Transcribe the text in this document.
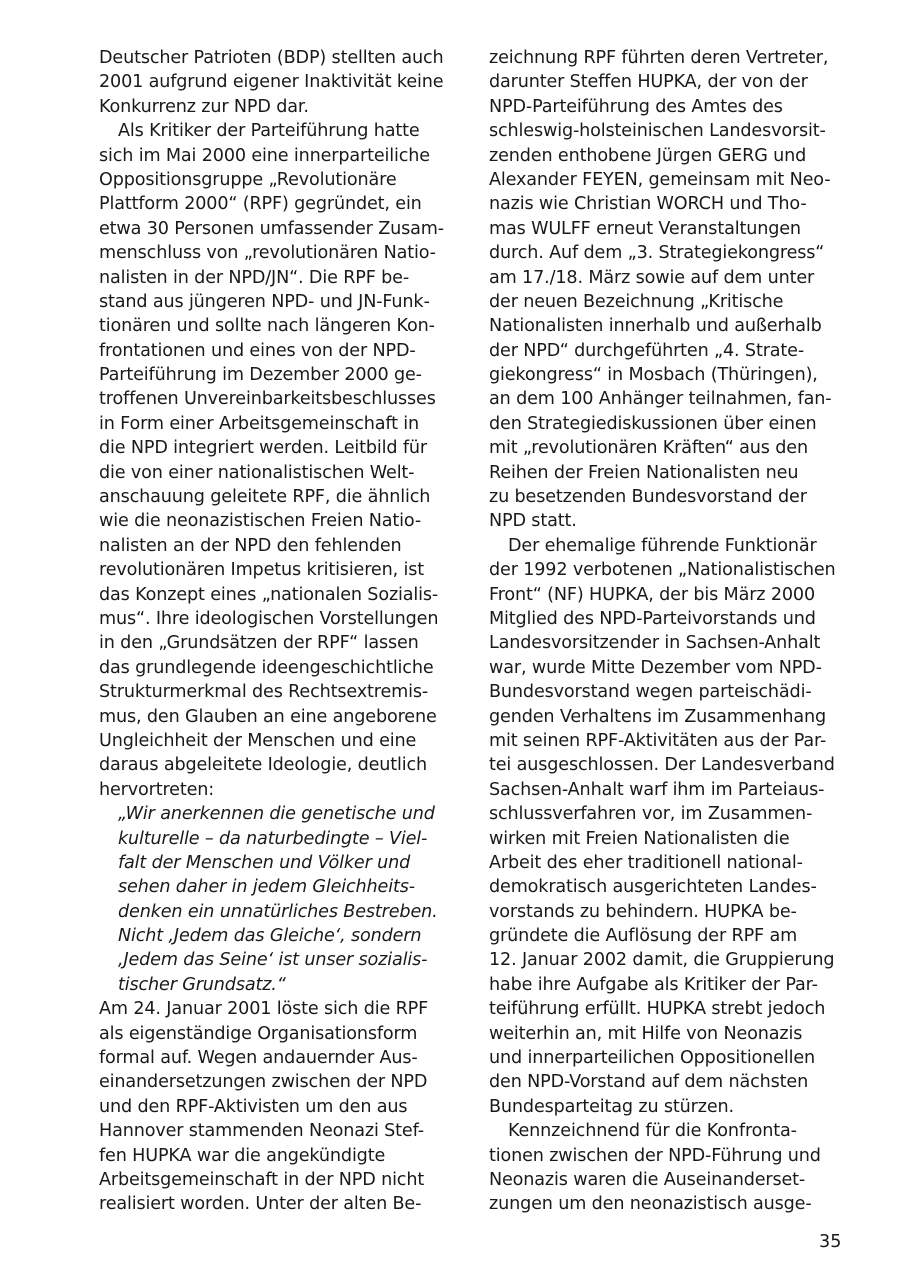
Deutscher Patrioten (BDP) stellten auch
2001 aufgrund eigener Inaktivität keine
Konkurrenz zur NPD dar.
Als Kritiker der Parteiführung hatte
sich im Mai 2000 eine innerparteiliche
Oppositionsgruppe „Revolutionäre
Plattform 2000“ (RPF) gegründet, ein
etwa 30 Personen umfassender Zusam-
menschluss von „revolutionären Natio-
nalisten in der NPD/JN“. Die RPF be-
stand aus jüngeren NPD- und JN-Funk-
tionären und sollte nach längeren Kon-
frontationen und eines von der NPD-
Parteiführung im Dezember 2000 ge-
troffenen Unvereinbarkeitsbeschlusses
in Form einer Arbeitsgemeinschaft in
die NPD integriert werden. Leitbild für
die von einer nationalistischen Welt-
anschauung geleitete RPF, die ähnlich
wie die neonazistischen Freien Natio-
nalisten an der NPD den fehlenden
revolutionären Impetus kritisieren, ist
das Konzept eines „nationalen Sozialis-
mus“. Ihre ideologischen Vorstellungen
in den „Grundsätzen der RPF“ lassen
das grundlegende ideengeschichtliche
Strukturmerkmal des Rechtsextremis-
mus, den Glauben an eine angeborene
Ungleichheit der Menschen und eine
daraus abgeleitete Ideologie, deutlich
hervortreten:
„Wir anerkennen die genetische und
kulturelle – da naturbedingte – Viel-
falt der Menschen und Völker und
sehen daher in jedem Gleichheits-
denken ein unnatürliches Bestreben.
Nicht ‚Jedem das Gleiche‘, sondern
‚Jedem das Seine‘ ist unser sozialis-
tischer Grundsatz.“
Am 24. Januar 2001 löste sich die RPF
als eigenständige Organisationsform
formal auf. Wegen andauernder Aus-
einandersetzungen zwischen der NPD
und den RPF-Aktivisten um den aus
Hannover stammenden Neonazi Stef-
fen HUPKA war die angekündigte
Arbeitsgemeinschaft in der NPD nicht
realisiert worden. Unter der alten Be-
zeichnung RPF führten deren Vertreter,
darunter Steffen HUPKA, der von der
NPD-Parteiführung des Amtes des
schleswig-holsteinischen Landesvorsit-
zenden enthobene Jürgen GERG und
Alexander FEYEN, gemeinsam mit Neo-
nazis wie Christian WORCH und Tho-
mas WULFF erneut Veranstaltungen
durch. Auf dem „3. Strategiekongress“
am 17./18. März sowie auf dem unter
der neuen Bezeichnung „Kritische
Nationalisten innerhalb und außerhalb
der NPD“ durchgeführten „4. Strate-
giekongress“ in Mosbach (Thüringen),
an dem 100 Anhänger teilnahmen, fan-
den Strategiediskussionen über einen
mit „revolutionären Kräften“ aus den
Reihen der Freien Nationalisten neu
zu besetzenden Bundesvorstand der
NPD statt.
Der ehemalige führende Funktionär
der 1992 verbotenen „Nationalistischen
Front“ (NF) HUPKA, der bis März 2000
Mitglied des NPD-Parteivorstands und
Landesvorsitzender in Sachsen-Anhalt
war, wurde Mitte Dezember vom NPD-
Bundesvorstand wegen parteischädi-
genden Verhaltens im Zusammenhang
mit seinen RPF-Aktivitäten aus der Par-
tei ausgeschlossen. Der Landesverband
Sachsen-Anhalt warf ihm im Parteiaus-
schlussverfahren vor, im Zusammen-
wirken mit Freien Nationalisten die
Arbeit des eher traditionell national-
demokratisch ausgerichteten Landes-
vorstands zu behindern. HUPKA be-
gründete die Auflösung der RPF am
12. Januar 2002 damit, die Gruppierung
habe ihre Aufgabe als Kritiker der Par-
teiführung erfüllt. HUPKA strebt jedoch
weiterhin an, mit Hilfe von Neonazis
und innerparteilichen Oppositionellen
den NPD-Vorstand auf dem nächsten
Bundesparteitag zu stürzen.
Kennzeichnend für die Konfronta-
tionen zwischen der NPD-Führung und
Neonazis waren die Auseinanderset-
zungen um den neonazistisch ausge-
35
